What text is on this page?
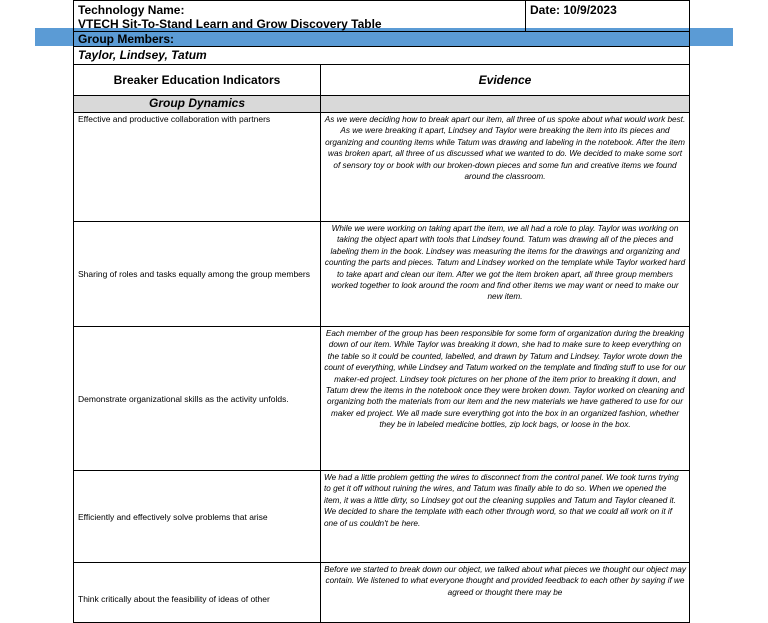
Breaker Education Activity Template
Technology Name:
VTECH Sit-To-Stand Learn and Grow Discovery Table		Date: 10/9/2023
Group Members:		
Taylor, Lindsey, Tatum		
Breaker Education Indicators	Evidence	
Group Dynamics		
Effective and productive collaboration with partners	As we were deciding how to break apart our item, all three of us spoke about what would work best. As we were breaking it apart, Lindsey and Taylor were breaking the item into its pieces and organizing and counting items while Tatum was drawing and labeling in the notebook. After the item was broken apart, all three of us discussed what we wanted to do. We decided to make some sort of sensory toy or book with our broken-down pieces and some fun and creative items we found around the classroom.	
Sharing of roles and tasks equally among the group members	While we were working on taking apart the item, we all had a role to play. Taylor was working on taking the object apart with tools that Lindsey found. Tatum was drawing all of the pieces and labeling them in the book. Lindsey was measuring the items for the drawings and organizing and counting the parts and pieces. Tatum and Lindsey worked on the template while Taylor worked hard to take apart and clean our item. After we got the item broken apart, all three group members worked together to look around the room and find other items we may want or need to make our new item.	
Demonstrate organizational skills as the activity unfolds.	Each member of the group has been responsible for some form of organization during the breaking down of our item. While Taylor was breaking it down, she had to make sure to keep everything on the table so it could be counted, labelled, and drawn by Tatum and Lindsey. Taylor wrote down the count of everything, while Lindsey and Tatum worked on the template and finding stuff to use for our maker-ed project. Lindsey took pictures on her phone of the item prior to breaking it down, and Tatum drew the items in the notebook once they were broken down. Taylor worked on cleaning and organizing both the materials from our item and the new materials we have gathered to use for our maker ed project. We all made sure everything got into the box in an organized fashion, whether they be in labeled medicine bottles, zip lock bags, or loose in the box.	
Efficiently and effectively solve problems that arise	We had a little problem getting the wires to disconnect from the control panel. We took turns trying to get it off without ruining the wires, and Tatum was finally able to do so. When we opened the item, it was a little dirty, so Lindsey got out the cleaning supplies and Tatum and Taylor cleaned it. We decided to share the template with each other through word, so that we could all work on it if one of us couldn't be here.	
Think critically about the feasibility of ideas of other	Before we started to break down our object, we talked about what pieces we thought our object may contain. We listened to what everyone thought and provided feedback to each other by saying if we agreed or thought there may be	
